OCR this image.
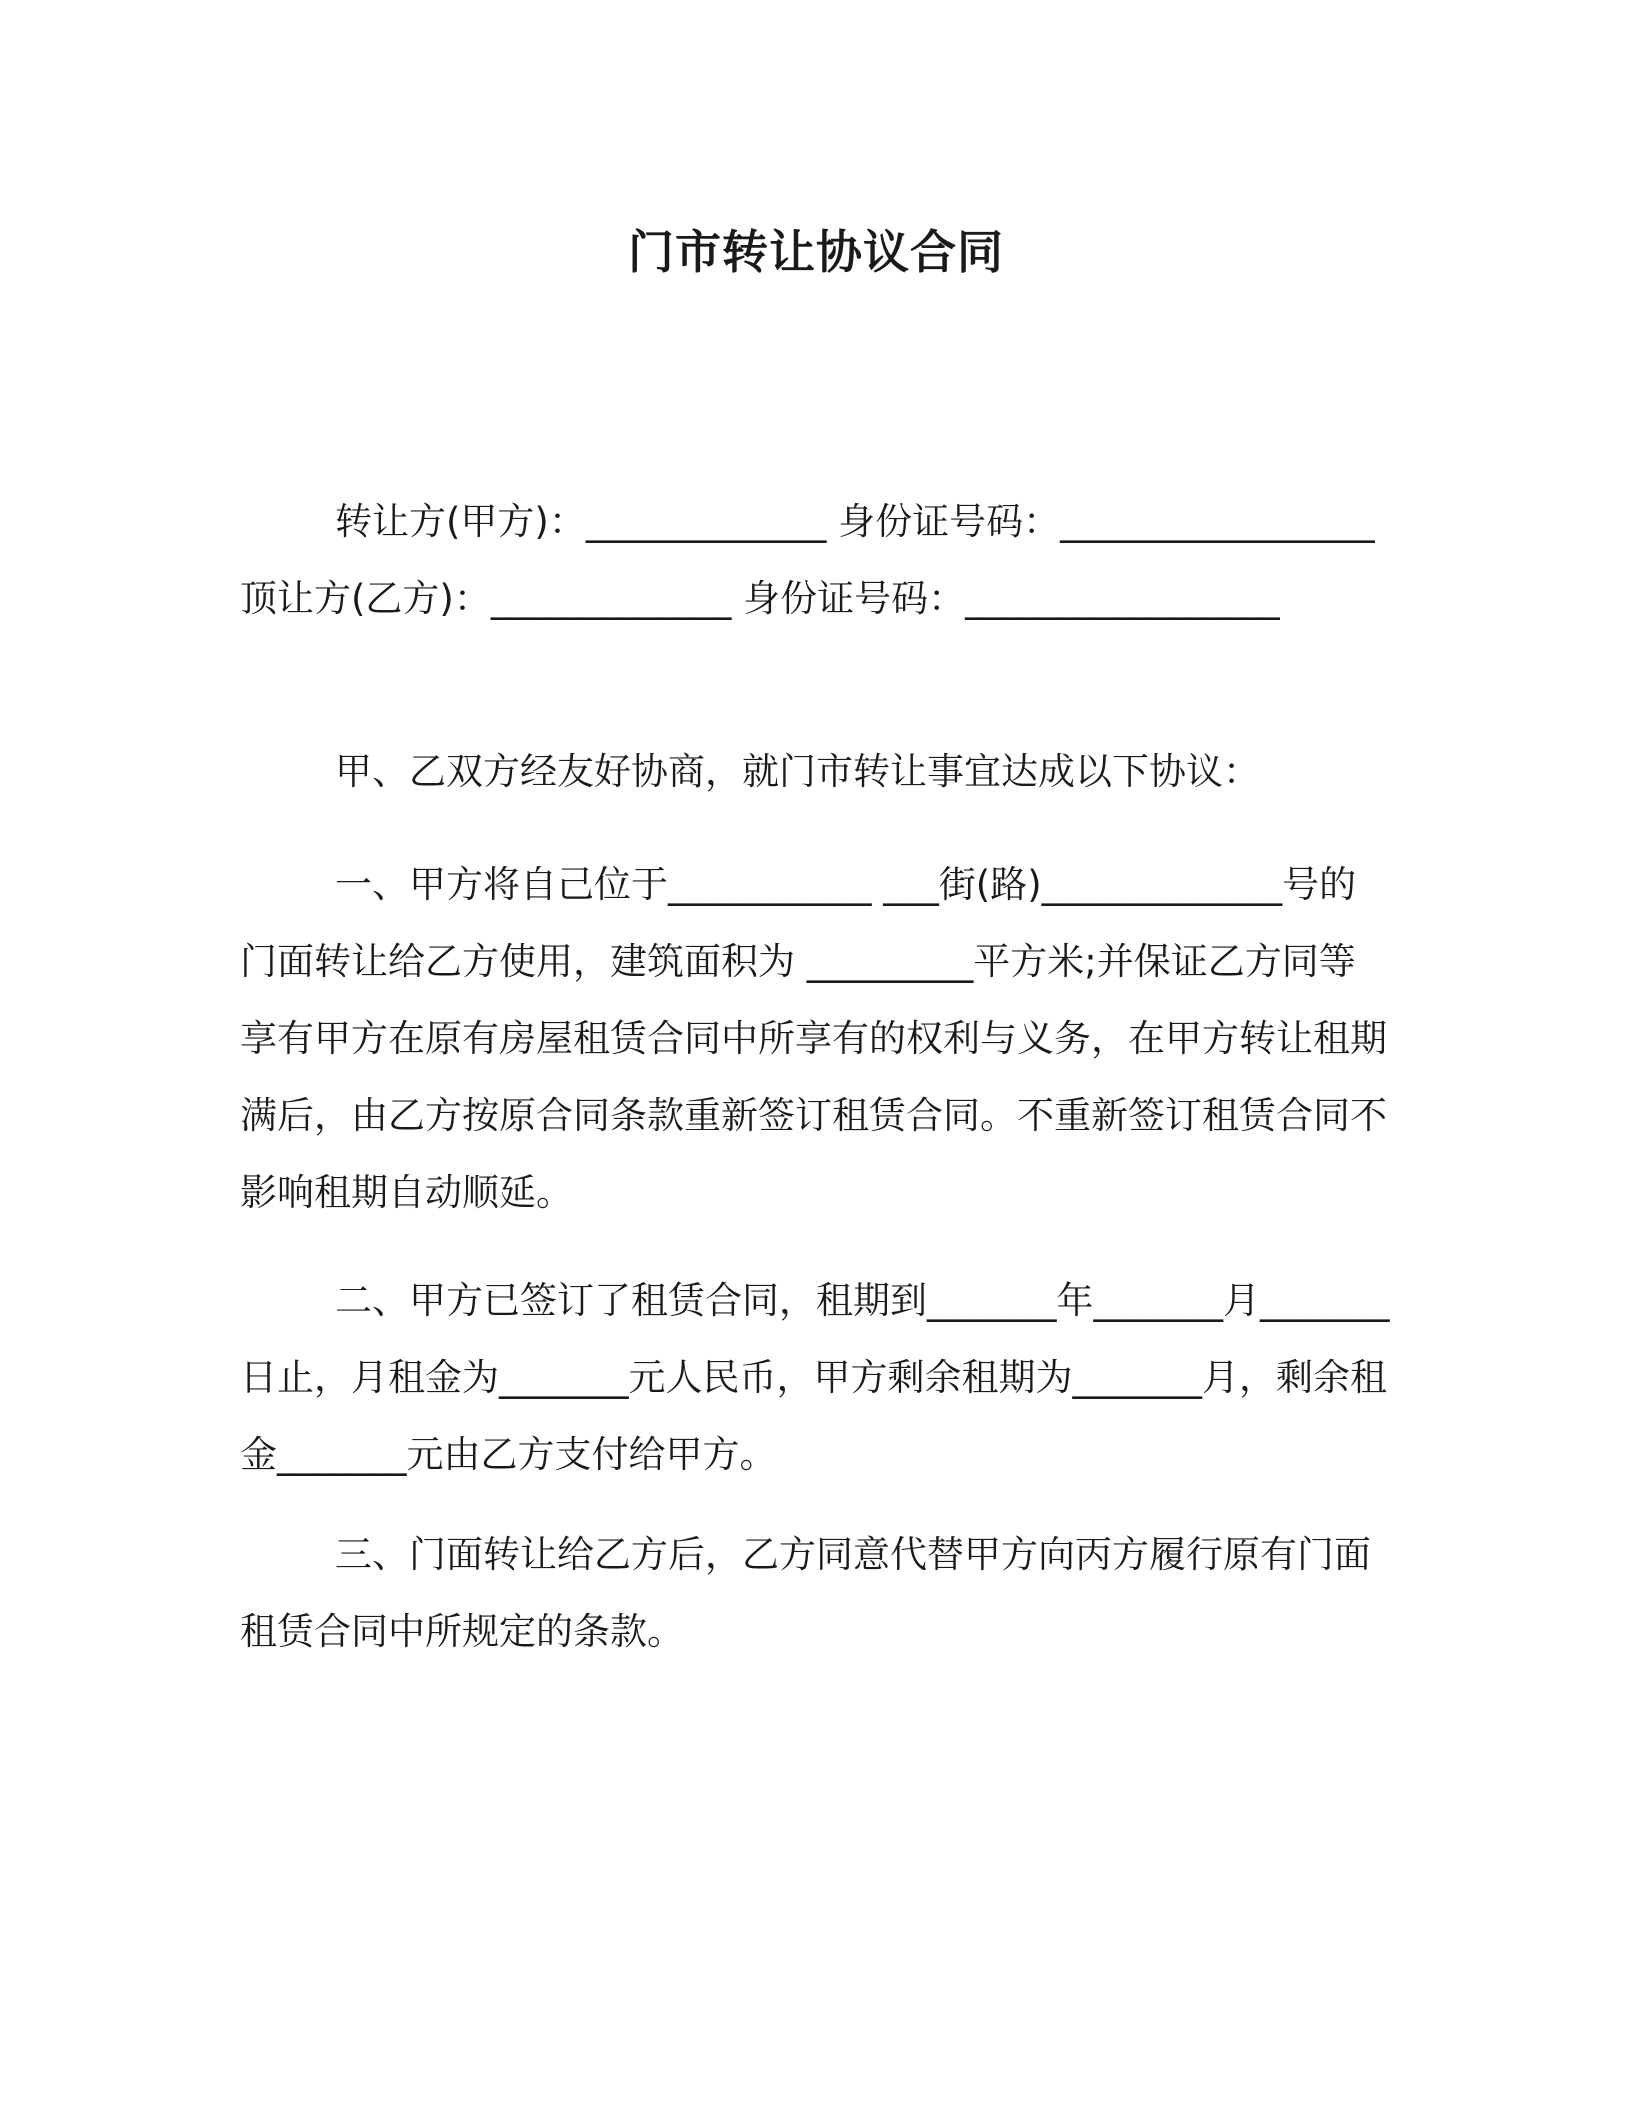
门市转让协议合同

转让方(甲方)：_____________ 身份证号码：_________________ 顶让方(乙方)：_____________ 身份证号码：_________________

甲、乙双方经友好协商，就门市转让事宜达成以下协议：

一、甲方将自己位于___________ ___街(路)_____________号的门面转让给乙方使用，建筑面积为 _________平方米;并保证乙方同等享有甲方在原有房屋租赁合同中所享有的权利与义务，在甲方转让租期满后，由乙方按原合同条款重新签订租赁合同。不重新签订租赁合同不影响租期自动顺延。

二、甲方已签订了租赁合同，租期到_______年_______月_______日止，月租金为_______元人民币，甲方剩余租期为_______月，剩余租金_______元由乙方支付给甲方。

三、门面转让给乙方后，乙方同意代替甲方向丙方履行原有门面租赁合同中所规定的条款。
